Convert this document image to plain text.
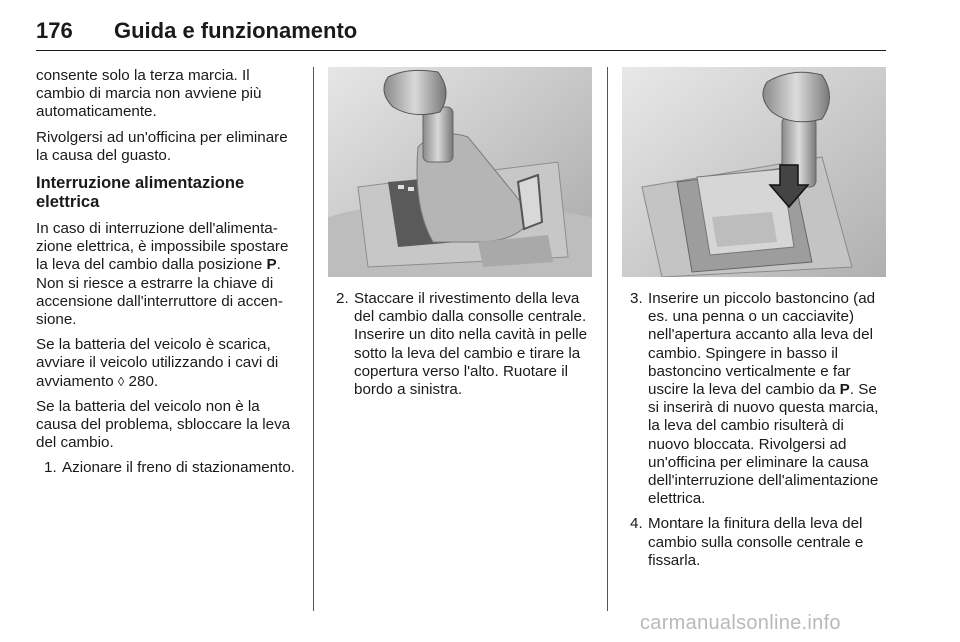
176 Guida e funzionamento

consente solo la terza marcia. Il cambio di marcia non avviene più automaticamente.

Rivolgersi ad un'officina per eliminare la causa del guasto.

Interruzione alimentazione elettrica

In caso di interruzione dell'alimentazione elettrica, è impossibile spostare la leva del cambio dalla posizione P. Non si riesce a estrarre la chiave di accensione dall'interruttore di accensione.

Se la batteria del veicolo è scarica, avviare il veicolo utilizzando i cavi di avviamento ◊ 280.

Se la batteria del veicolo non è la causa del problema, sbloccare la leva del cambio.

1. Azionare il freno di stazionamento.
2. Staccare il rivestimento della leva del cambio dalla consolle centrale. Inserire un dito nella cavità in pelle sotto la leva del cambio e tirare la copertura verso l'alto. Ruotare il bordo a sinistra.
3. Inserire un piccolo bastoncino (ad es. una penna o un cacciavite) nell'apertura accanto alla leva del cambio. Spingere in basso il bastoncino verticalmente e far uscire la leva del cambio da P. Se si inserirà di nuovo questa marcia, la leva del cambio risulterà di nuovo bloccata. Rivolgersi ad un'officina per eliminare la causa dell'interruzione dell'alimentazione elettrica.
4. Montare la finitura della leva del cambio sulla consolle centrale e fissarla.
carmanualsonline.info
